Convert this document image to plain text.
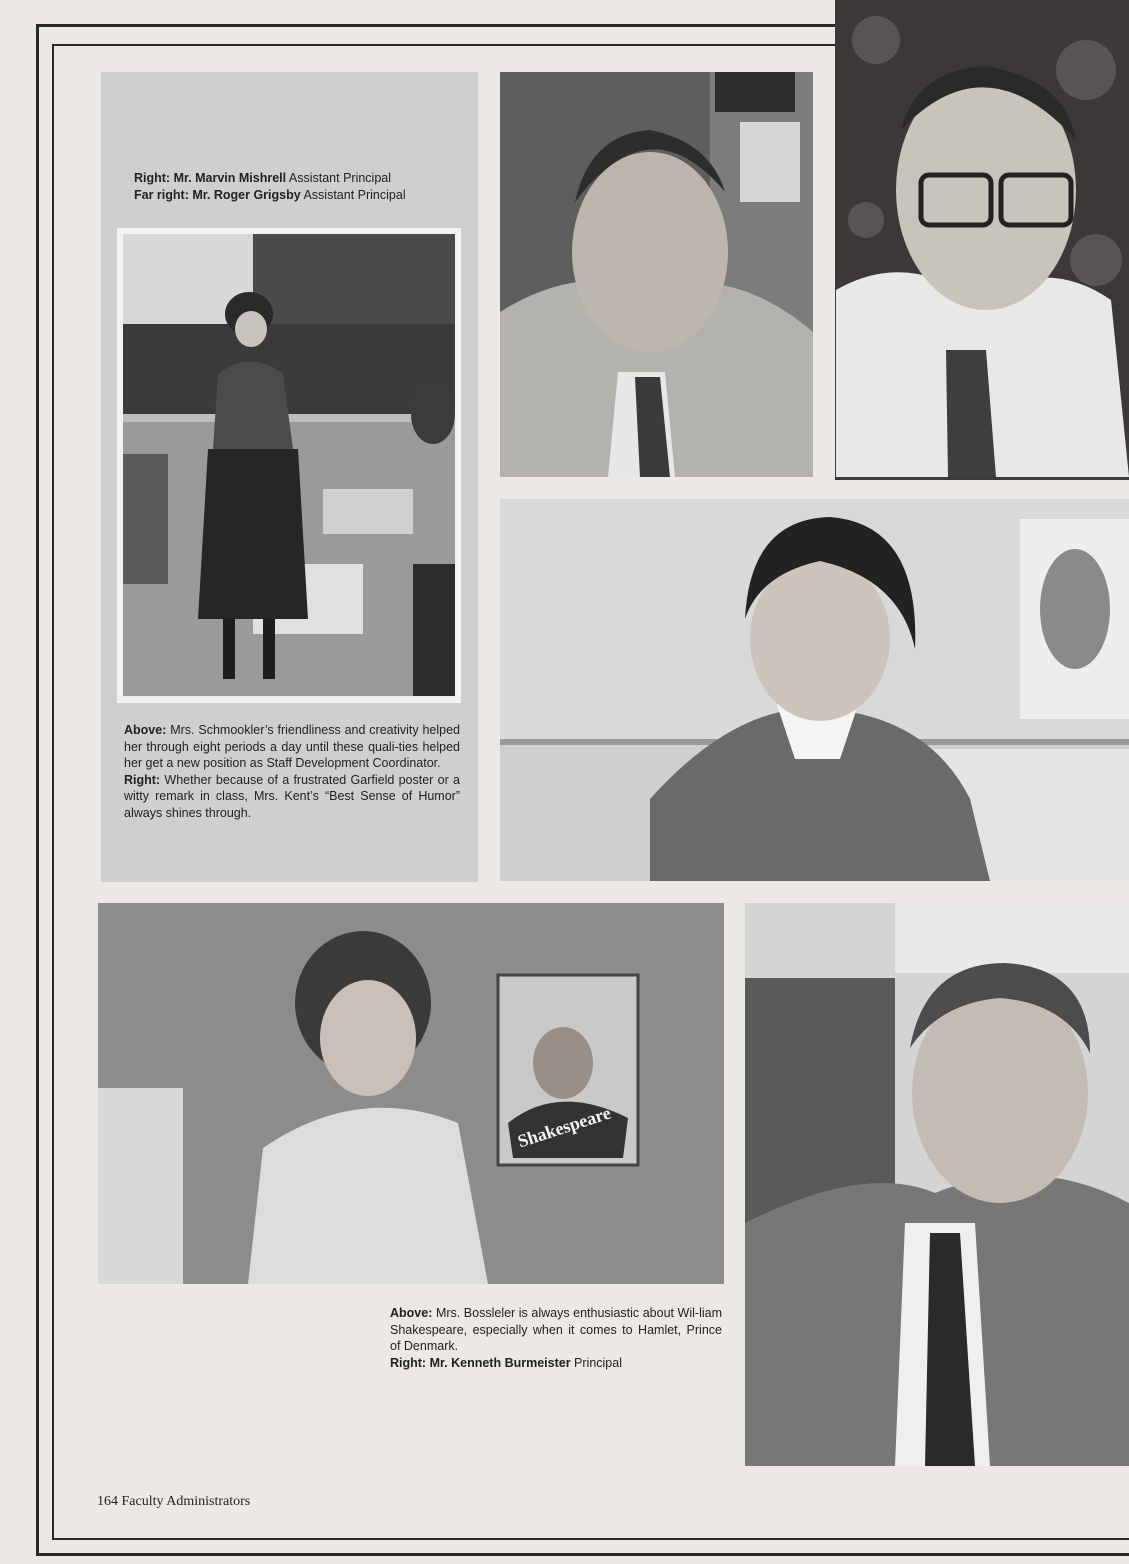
Right: Mr. Marvin Mishrell Assistant Principal
Far right: Mr. Roger Grigsby Assistant Principal
Above: Mrs. Schmookler’s friendliness and creativity helped her through eight periods a day until these quali-ties helped her get a new position as Staff Development Coordinator.
Right: Whether because of a frustrated Garfield poster or a witty remark in class, Mrs. Kent’s “Best Sense of Humor” always shines through.
Shakespeare
Above: Mrs. Bossleler is always enthusiastic about Wil-liam Shakespeare, especially when it comes to Hamlet, Prince of Denmark.
Right: Mr. Kenneth Burmeister Principal
164 Faculty Administrators
